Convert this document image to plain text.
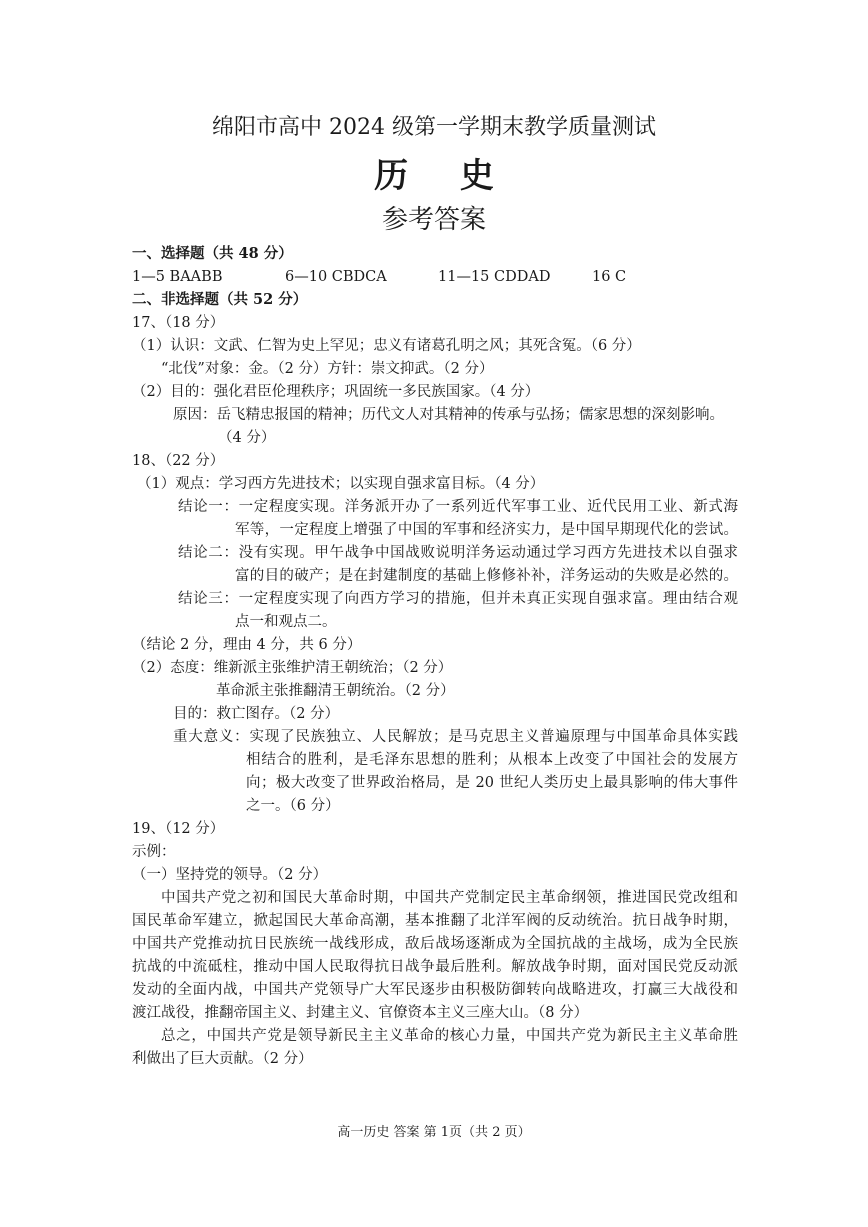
绵阳市高中 2024 级第一学期末教学质量测试
历 史
参考答案
一、选择题（共 48 分）
1—5 BAABB	6—10 CBDCA	11—15 CDDAD	16 C
二、非选择题（共 52 分）
17、（18 分）
（1）认识：文武、仁智为史上罕见；忠义有诸葛孔明之风；其死含冤。（6 分）
“北伐”对象：金。（2 分）方针：崇文抑武。（2 分）
（2）目的：强化君臣伦理秩序；巩固统一多民族国家。（4 分）
原因：岳飞精忠报国的精神；历代文人对其精神的传承与弘扬；儒家思想的深刻影响。
（4 分）
18、（22 分）
（1）观点：学习西方先进技术；以实现自强求富目标。（4 分）
结论一：一定程度实现。洋务派开办了一系列近代军事工业、近代民用工业、新式海
军等，一定程度上增强了中国的军事和经济实力，是中国早期现代化的尝试。
结论二：没有实现。甲午战争中国战败说明洋务运动通过学习西方先进技术以自强求
富的目的破产；是在封建制度的基础上修修补补，洋务运动的失败是必然的。
结论三：一定程度实现了向西方学习的措施，但并未真正实现自强求富。理由结合观
点一和观点二。
（结论 2 分，理由 4 分，共 6 分）
（2）态度：维新派主张维护清王朝统治；（2 分）
革命派主张推翻清王朝统治。（2 分）
目的：救亡图存。（2 分）
重大意义：实现了民族独立、人民解放；是马克思主义普遍原理与中国革命具体实践
相结合的胜利，是毛泽东思想的胜利；从根本上改变了中国社会的发展方
向；极大改变了世界政治格局，是 20 世纪人类历史上最具影响的伟大事件
之一。（6 分）
19、（12 分）
示例：
（一）坚持党的领导。（2 分）
中国共产党之初和国民大革命时期，中国共产党制定民主革命纲领，推进国民党改组和
国民革命军建立，掀起国民大革命高潮，基本推翻了北洋军阀的反动统治。抗日战争时期，
中国共产党推动抗日民族统一战线形成，敌后战场逐渐成为全国抗战的主战场，成为全民族
抗战的中流砥柱，推动中国人民取得抗日战争最后胜利。解放战争时期，面对国民党反动派
发动的全面内战，中国共产党领导广大军民逐步由积极防御转向战略进攻，打赢三大战役和
渡江战役，推翻帝国主义、封建主义、官僚资本主义三座大山。（8 分）
总之，中国共产党是领导新民主主义革命的核心力量，中国共产党为新民主主义革命胜
利做出了巨大贡献。（2 分）
高一历史 答案 第 1页（共 2 页）
